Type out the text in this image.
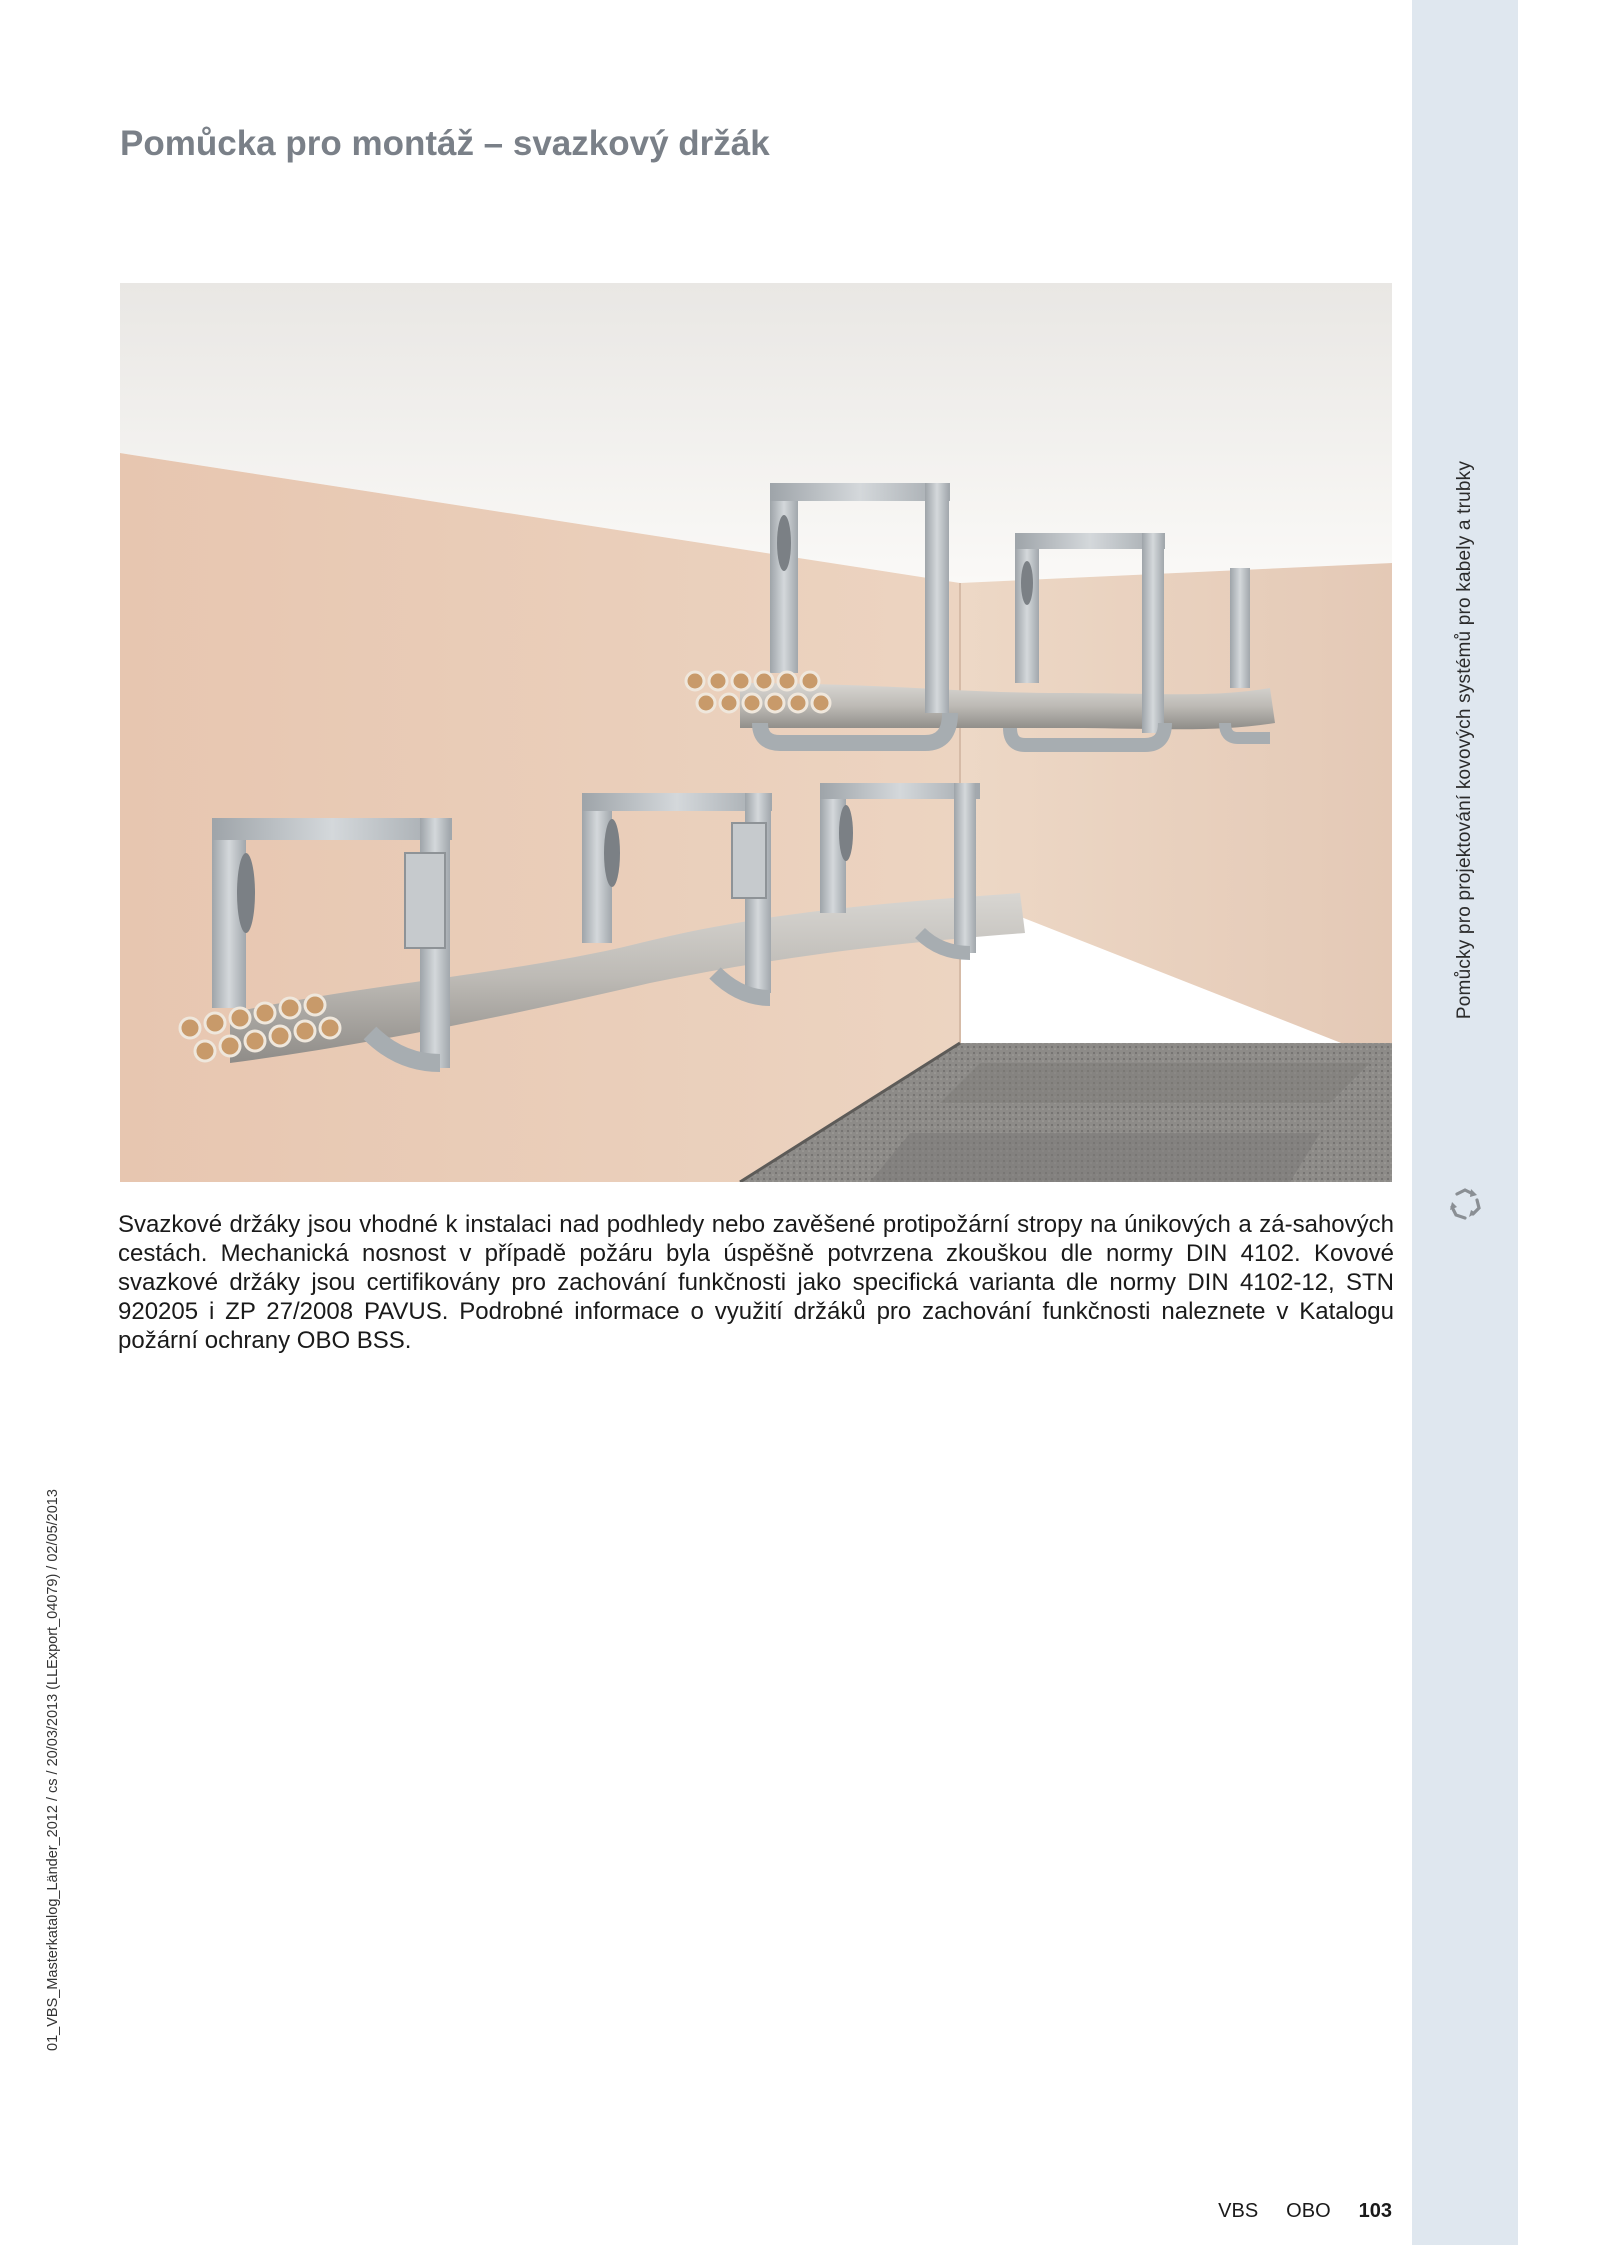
Pomůcky pro projektování kovových systémů pro kabely a trubky
Pomůcka pro montáž – svazkový držák

Svazkové držáky jsou vhodné k instalaci nad podhledy nebo zavěšené protipožární stropy na únikových a zá-sahových cestách. Mechanická nosnost v případě požáru byla úspěšně potvrzena zkouškou dle normy DIN 4102. Kovové svazkové držáky jsou certifikovány pro zachování funkčnosti jako specifická varianta dle normy DIN 4102-12, STN 920205 i ZP 27/2008 PAVUS. Podrobné informace o využití držáků pro zachování funkčnosti naleznete v Katalogu požární ochrany OBO BSS.

01_VBS_Masterkatalog_Länder_2012 / cs / 20/03/2013 (LLExport_04079) / 02/05/2013
VBS OBO 103
